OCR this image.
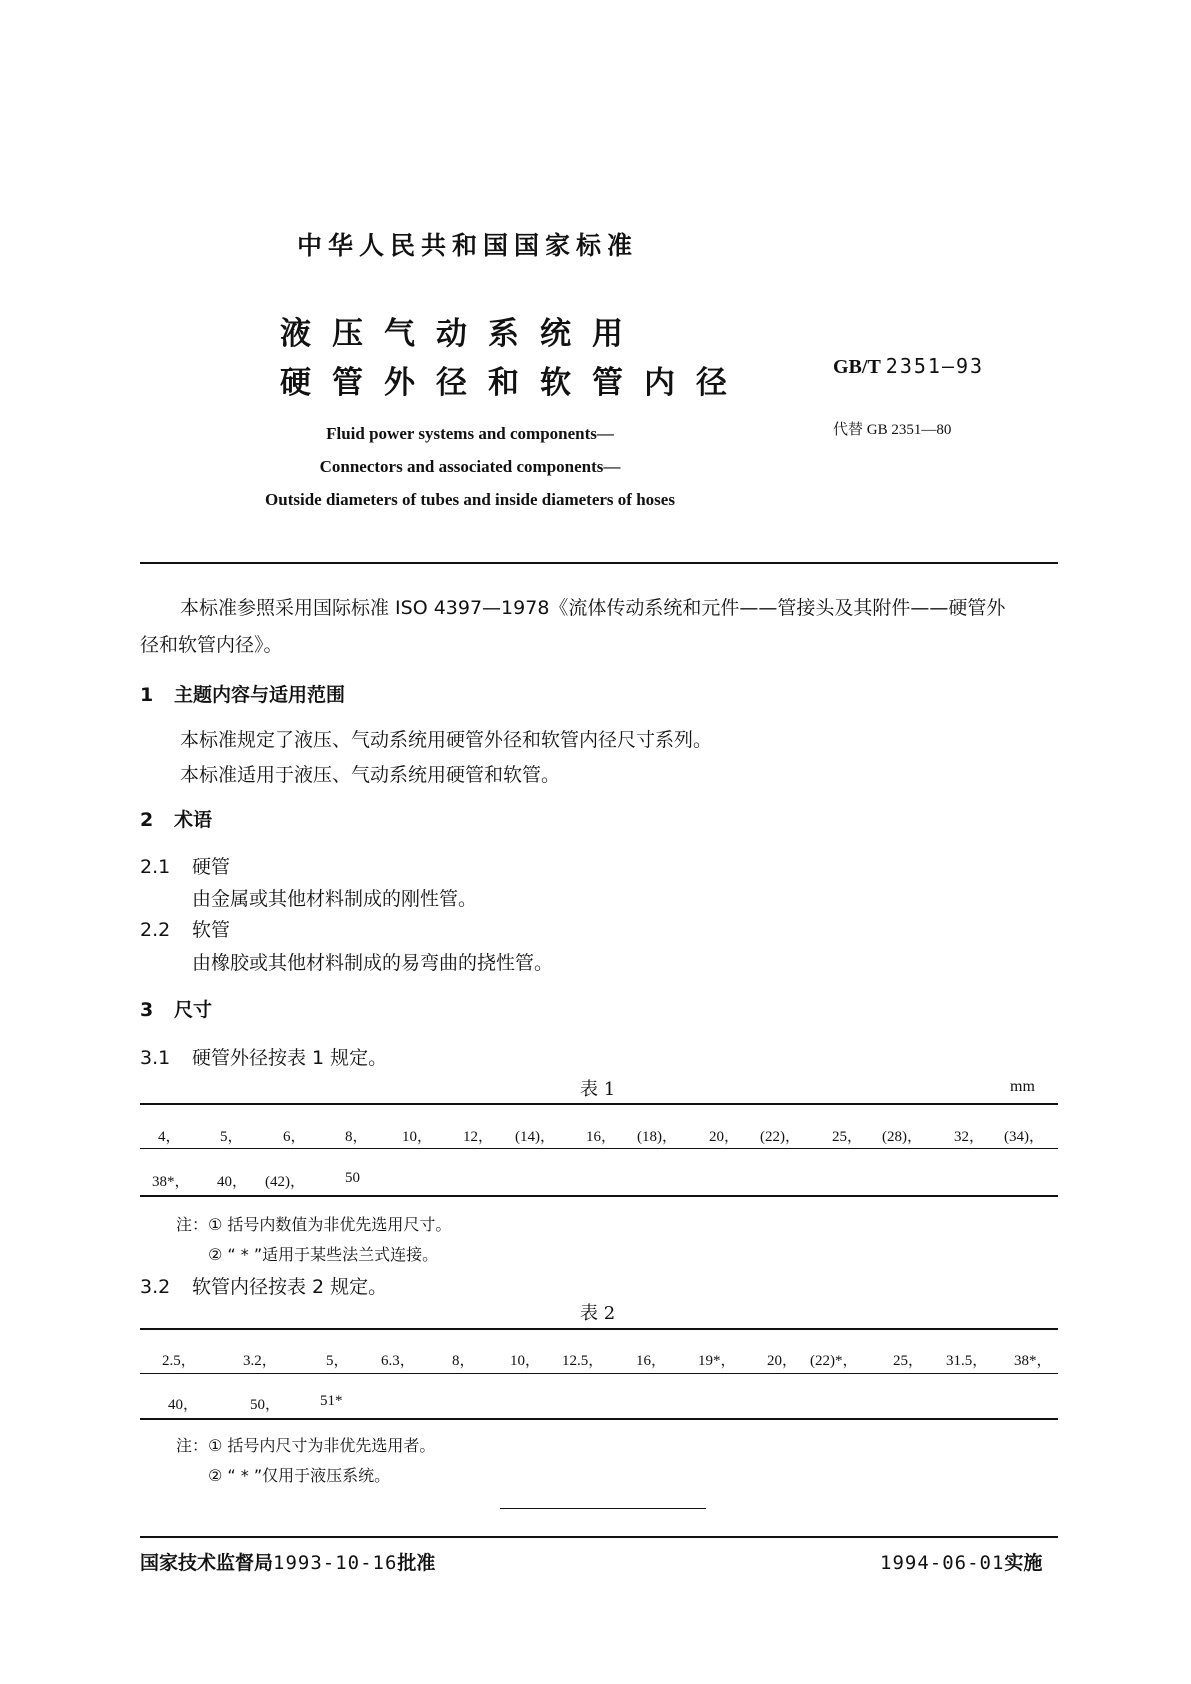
中华人民共和国国家标准
液压气动系统用
硬管外径和软管内径	GB/T 2351—93
代替 GB 2351—80
Fluid power systems and components—
Connectors and associated components—
Outside diameters of tubes and inside diameters of hoses
本标准参照采用国际标准 ISO 4397—1978《流体传动系统和元件——管接头及其附件——硬管外
径和软管内径》。
1 主题内容与适用范围
本标准规定了液压、气动系统用硬管外径和软管内径尺寸系列。
本标准适用于液压、气动系统用硬管和软管。
2 术语
2.1 硬管
由金属或其他材料制成的刚性管。
2.2 软管
由橡胶或其他材料制成的易弯曲的挠性管。
3 尺寸
3.1 硬管外径按表 1 规定。
表 1	mm
4，	5，	6，	8， 10， 12， (14)， 16， (18)， 20， (22)， 25， (28)， 32， (34)，
38*， 40， (42)，	50
注：① 括号内数值为非优先选用尺寸。
② “ * ”适用于某些法兰式连接。
3.2 软管内径按表 2 规定。
表 2
2.5，	3.2，	5， 6.3， 8， 10， 12.5， 16， 19*， 20， (22)*， 25， 31.5， 38*，
40，	50，	51*
注：① 括号内尺寸为非优先选用者。
② “ * ”仅用于液压系统。
国家技术监督局1993-10-16批准	1994-06-01实施
